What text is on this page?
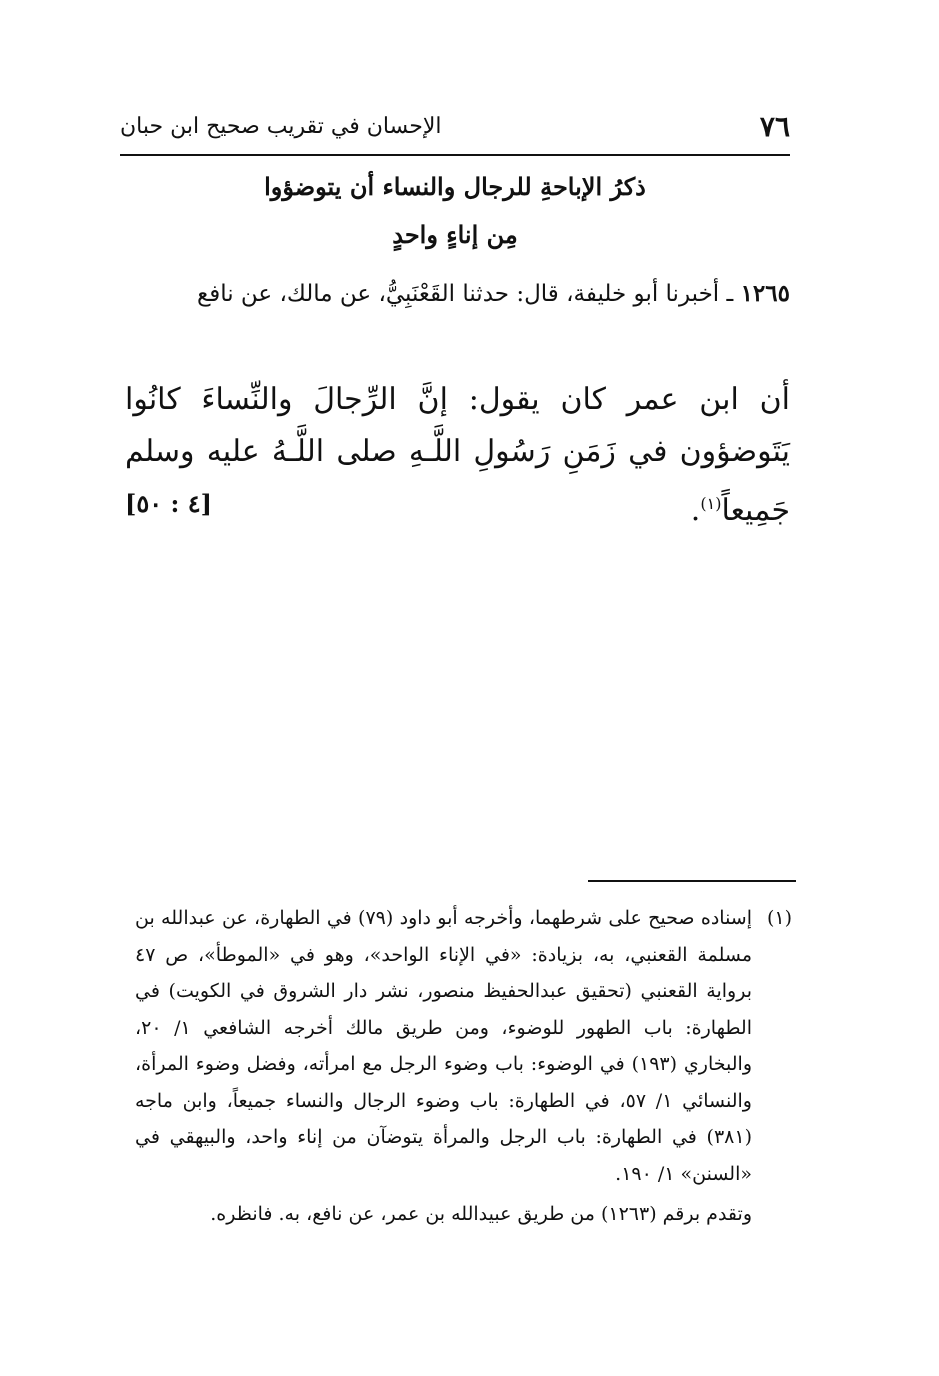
٧٦
الإحسان في تقريب صحيح ابن حبان
ذكرُ الإباحةِ للرجال والنساء أن يتوضؤوا
مِن إناءٍ واحدٍ
١٢٦٥ ـ أخبرنا أبو خليفة، قال: حدثنا القَعْنَبِيُّ، عن مالك، عن نافع
أن ابن عمر كان يقول: إنَّ الرِّجالَ والنِّساءَ كانُوا يَتَوضؤون في زَمَنِ رَسُولِ اللَّـهِ صلى اللَّـهُ عليه وسلم جَمِيعاً$^{(١)}$.
[٤ : ٥٠]
(١)
إسناده صحيح على شرطهما، وأخرجه أبو داود (٧٩) في الطهارة، عن عبدالله بن مسلمة القعنبي، به، بزيادة: «في الإناء الواحد»، وهو في «الموطأ»، ص ٤٧ برواية القعنبي (تحقيق عبدالحفيظ منصور، نشر دار الشروق في الكويت) في الطهارة: باب الطهور للوضوء، ومن طريق مالك أخرجه الشافعي ١/ ٢٠، والبخاري (١٩٣) في الوضوء: باب وضوء الرجل مع امرأته، وفضل وضوء المرأة، والنسائي ١/ ٥٧، في الطهارة: باب وضوء الرجال والنساء جميعاً، وابن ماجه (٣٨١) في الطهارة: باب الرجل والمرأة يتوضآن من إناء واحد، والبيهقي في «السنن» ١/ ١٩٠.
وتقدم برقم (١٢٦٣) من طريق عبيدالله بن عمر، عن نافع، به. فانظره.
